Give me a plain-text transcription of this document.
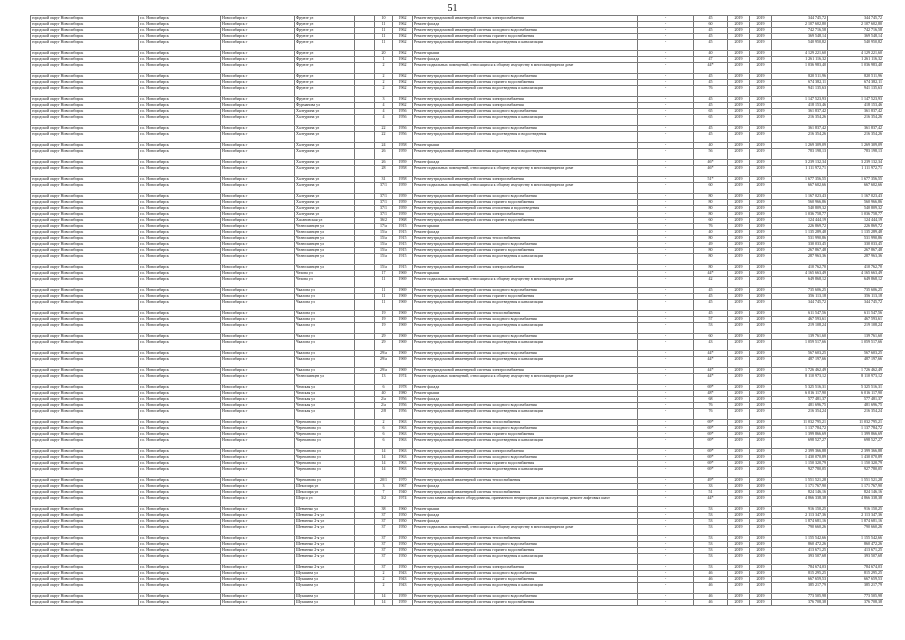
51
городской округ Новосибирск	г.о. Новосибирск	Новосибирск г	Фрунзе ул		10	1962	Ремонт внутридомовой инженерной системы электроснабжения	-	45	2019	2019	344 745,72	344 745,72
городской округ Новосибирск	г.о. Новосибирск	Новосибирск г	Фрунзе ул		11	1962	Ремонт фасада	-	60	2019	2019	2 107 602,80	2 107 602,80
городской округ Новосибирск	г.о. Новосибирск	Новосибирск г	Фрунзе ул		11	1962	Ремонт внутридомовой инженерной системы холодного водоснабжения	-	45	2019	2019	742 716,58	742 716,58
городской округ Новосибирск	г.о. Новосибирск	Новосибирск г	Фрунзе ул		11	1962	Ремонт внутридомовой инженерной системы горячего водоснабжения	-	45	2019	2019	369 548,14	369 548,14
городской округ Новосибирск	г.о. Новосибирск	Новосибирск г	Фрунзе ул		11	1962	Ремонт внутридомовой инженерной системы водоотведения и канализации	-	45	2019	2019	540 950,82	540 950,82
городской округ Новосибирск	г.о. Новосибирск	Новосибирск г	Фрунзе ул		20	1962	Ремонт крыши	-	40	2019	2019	4 129 221,60	4 129 221,60
городской округ Новосибирск	г.о. Новосибирск	Новосибирск г	Фрунзе ул		1	1962	Ремонт фасада	-	47	2019	2019	1 261 116,32	1 261 116,32
городской округ Новосибирск	г.о. Новосибирск	Новосибирск г	Фрунзе ул		2	1962	Ремонт подвальных помещений, относящихся к общему имуществу в многоквартирном доме	-	44*	2019	2019	1 036 983,40	1 036 983,40
городской округ Новосибирск	г.о. Новосибирск	Новосибирск г	Фрунзе ул		2	1962	Ремонт внутридомовой инженерной системы холодного водоснабжения	-	45	2019	2019	820 511,96	820 511,96
городской округ Новосибирск	г.о. Новосибирск	Новосибирск г	Фрунзе ул		2	1962	Ремонт внутридомовой инженерной системы горячего водоснабжения	-	45	2019	2019	674 382,11	674 382,11
городской округ Новосибирск	г.о. Новосибирск	Новосибирск г	Фрунзе ул		2	1962	Ремонт внутридомовой инженерной системы водоотведения и канализации	-	76	2019	2019	941 135,63	941 135,63
городской округ Новосибирск	г.о. Новосибирск	Новосибирск г	Фрунзе ул		3	1962	Ремонт внутридомовой инженерной системы электроснабжения	-	45	2019	2019	1 147 523,93	1 147 523,93
городской округ Новосибирск	г.о. Новосибирск	Новосибирск г	Фурманова ул		4	1962	Ремонт внутридомовой инженерной системы электроснабжения	-	45	2019	2019	418 153,46	418 153,46
городской округ Новосибирск	г.о. Новосибирск	Новосибирск г	Халтурина ул		4	1956	Ремонт внутридомовой инженерной системы холодного водоснабжения	-	65	2019	2019	361 837,42	361 837,42
городской округ Новосибирск	г.о. Новосибирск	Новосибирск г	Халтурина ул		4	1956	Ремонт внутридомовой инженерной системы водоотведения и канализации	-	65	2019	2019	216 354,26	216 354,26
городской округ Новосибирск	г.о. Новосибирск	Новосибирск г	Халтурина ул		22	1956	Ремонт внутридомовой инженерной системы холодного водоснабжения	-	45	2019	2019	361 837,42	361 837,42
городской округ Новосибирск	г.о. Новосибирск	Новосибирск г	Халтурина ул		22	1956	Ремонт внутридомовой инженерной системы водоотведения и водоотведения	-	45	2019	2019	216 354,26	216 354,26
городской округ Новосибирск	г.о. Новосибирск	Новосибирск г	Халтурина ул		24	1958	Ремонт крыши	-	40	2019	2019	1 269 309,09	1 269 309,09
городской округ Новосибирск	г.о. Новосибирск	Новосибирск г	Халтурина ул		26	1959	Ремонт внутридомовой инженерной системы водоотведения и водоотведения	-	56	2019	2019	783 198,13	783 198,13
городской округ Новосибирск	г.о. Новосибирск	Новосибирск г	Халтурина ул		26	1959	Ремонт фасада	-	46*	2019	2019	3 239 132,34	3 239 132,34
городской округ Новосибирск	г.о. Новосибирск	Новосибирск г	Халтурина ул		28	1958	Ремонт подвальных помещений, относящихся к общему имуществу в многоквартирном доме	-	46*	2019	2019	1 111 972,71	1 111 972,71
городской округ Новосибирск	г.о. Новосибирск	Новосибирск г	Халтурина ул		31	1958	Ремонт внутридомовой инженерной системы электроснабжения	-	51*	2019	2019	1 677 356,55	1 677 356,55
городской округ Новосибирск	г.о. Новосибирск	Новосибирск г	Халтурина ул		37/1	1959	Ремонт подвальных помещений, относящихся к общему имуществу в многоквартирном доме	-	60	2019	2019	667 602,66	667 602,66
городской округ Новосибирск	г.о. Новосибирск	Новосибирск г	Халтурина ул		37/1	1959	Ремонт внутридомовой инженерной системы холодного водоснабжения	-	80	2019	2019	1 167 023,43	1 167 023,43
городской округ Новосибирск	г.о. Новосибирск	Новосибирск г	Халтурина ул		37/1	1959	Ремонт внутридомовой инженерной системы горячего водоснабжения	-	80	2019	2019	560 966,86	560 966,86
городской округ Новосибирск	г.о. Новосибирск	Новосибирск г	Халтурина ул		37/1	1959	Ремонт внутридомовой инженерной системы отопления и водоотведения	-	80	2019	2019	540 809,32	540 809,32
городской округ Новосибирск	г.о. Новосибирск	Новосибирск г	Халтурина ул		37/1	1959	Ремонт внутридомовой инженерной системы электроснабжения	-	80	2019	2019	1 036 758,77	1 036 758,77
городской округ Новосибирск	г.о. Новосибирск	Новосибирск г	Хасановская ул		36/2	1968	Ремонт внутридомовой инженерной системы горячего водоснабжения	-	60	2019	2019	124 444,19	124 444,19
городской округ Новосибирск	г.о. Новосибирск	Новосибирск г	Челюскинцев ул		17/а	1915	Ремонт крыши	-	76	2019	2019	226 869,72	226 869,72
городской округ Новосибирск	г.о. Новосибирск	Новосибирск г	Челюскинцев ул		15/а	1915	Ремонт фасада	-	40	2019	2019	1 135 289,48	1 135 289,48
городской округ Новосибирск	г.о. Новосибирск	Новосибирск г	Челюскинцев ул		15/а	1915	Ремонт внутридомовой инженерной системы теплоснабжения	-	80	2019	2019	531 990,86	531 990,86
городской округ Новосибирск	г.о. Новосибирск	Новосибирск г	Челюскинцев ул		15/а	1915	Ремонт внутридомовой инженерной системы холодного водоснабжения	-	49	2019	2019	330 033,45	330 033,45
городской округ Новосибирск	г.о. Новосибирск	Новосибирск г	Челюскинцев ул		15/а	1915	Ремонт внутридомовой инженерной системы горячего водоснабжения	-	80	2019	2019	267 867,48	267 867,48
городской округ Новосибирск	г.о. Новосибирск	Новосибирск г	Челюскинцев ул		15/а	1915	Ремонт внутридомовой инженерной системы водоотведения и канализации	-	80	2019	2019	287 963,36	287 963,36
городской округ Новосибирск	г.о. Новосибирск	Новосибирск г	Челюскинцев ул		15/а	1915	Ремонт внутридомовой инженерной системы электроснабжения	-	80	2019	2019	410 762,70	410 762,70
городской округ Новосибирск	г.о. Новосибирск	Новосибирск г	Чехова ул		17	1969	Ремонт крыши	-	44*	2019	2019	4 165 663,49	4 165 663,49
городской округ Новосибирск	г.о. Новосибирск	Новосибирск г	Чехова ул		11	1969	Ремонт подвальных помещений, относящихся к общему имуществу в многоквартирном доме	-	42	2019	2019	649 868,12	649 868,12
городской округ Новосибирск	г.о. Новосибирск	Новосибирск г	Чкалова ул		11	1969	Ремонт внутридомовой инженерной системы холодного водоснабжения	-	45	2019	2019	735 606,25	735 606,25
городской округ Новосибирск	г.о. Новосибирск	Новосибирск г	Чкалова ул		11	1969	Ремонт внутридомовой инженерной системы горячего водоснабжения	-	45	2019	2019	356 113,18	356 113,18
городской округ Новосибирск	г.о. Новосибирск	Новосибирск г	Чкалова ул		11	1969	Ремонт внутридомовой инженерной системы водоотведения и канализации	-	45	2019	2019	344 745,72	344 745,72
городской округ Новосибирск	г.о. Новосибирск	Новосибирск г	Чкалова ул		19	1969	Ремонт внутридомовой инженерной системы теплоснабжения	-	45	2019	2019	611 547,56	611 547,56
городской округ Новосибирск	г.о. Новосибирск	Новосибирск г	Чкалова ул		19	1969	Ремонт внутридомовой инженерной системы холодного водоснабжения	-	57	2019	2019	467 593,61	467 593,61
городской округ Новосибирск	г.о. Новосибирск	Новосибирск г	Чкалова ул		19	1969	Ремонт внутридомовой инженерной системы водоотведения и канализации	-	53	2019	2019	219 108,24	219 108,24
городской округ Новосибирск	г.о. Новосибирск	Новосибирск г	Чкалова ул		29	1969	Ремонт внутридомовой инженерной системы холодного водоснабжения	-	60	2019	2019	139 761,60	139 761,60
городской округ Новосибирск	г.о. Новосибирск	Новосибирск г	Чкалова ул		29	1969	Ремонт внутридомовой инженерной системы водоотведения и канализации	-	43	2019	2019	1 059 517,66	1 059 517,66
городской округ Новосибирск	г.о. Новосибирск	Новосибирск г	Чкалова ул		29/а	1969	Ремонт внутридомовой инженерной системы холодного водоснабжения	-	44*	2019	2019	567 603,25	567 603,25
городской округ Новосибирск	г.о. Новосибирск	Новосибирск г	Чкалова ул		29/а	1969	Ремонт внутридомовой инженерной системы водоотведения и канализации	-	44*	2019	2019	487 197,66	487 197,66
городской округ Новосибирск	г.о. Новосибирск	Новосибирск г	Чкалова ул		29/а	1969	Ремонт внутридомовой инженерной системы электроснабжения	-	44*	2019	2019	1 726 462,49	1 726 462,49
городской округ Новосибирск	г.о. Новосибирск	Новосибирск г	Челюскинцев ул		13	1974	Ремонт подвальных помещений, относящихся к общему имуществу в многоквартирном доме	-	44*	2019	2019	8 110 973,12	8 110 973,12
городской округ Новосибирск	г.о. Новосибирск	Новосибирск г	Чемская ул		6	1978	Ремонт фасада	-	69*	2019	2019	5 325 516,31	5 325 516,31
городской округ Новосибирск	г.о. Новосибирск	Новосибирск г	Чемская ул		40	1980	Ремонт крыши	-	48*	2019	2019	6 016 117,90	6 016 117,90
городской округ Новосибирск	г.о. Новосибирск	Новосибирск г	Чемская ул		2/а	1956	Ремонт фасада	-	68	2019	2019	577 481,37	577 481,37
городской округ Новосибирск	г.о. Новосибирск	Новосибирск г	Чемская ул		2/а	1956	Ремонт внутридомовой инженерной системы холодного водоснабжения	-	76	2019	2019	481 696,75	481 696,75
городской округ Новосибирск	г.о. Новосибирск	Новосибирск г	Чемская ул		2/8	1956	Ремонт внутридомовой инженерной системы водоотведения и канализации	-	76	2019	2019	216 354,24	216 354,24
городской округ Новосибирск	г.о. Новосибирск	Новосибирск г	Черепанова ул		2	1963	Ремонт внутридомовой инженерной системы теплоснабжения	-	69*	2019	2019	11 032 795,21	11 032 795,21
городской округ Новосибирск	г.о. Новосибирск	Новосибирск г	Черепанова ул		6	1963	Ремонт внутридомовой инженерной системы холодного водоснабжения	-	69*	2019	2019	1 137 784,72	1 137 784,72
городской округ Новосибирск	г.о. Новосибирск	Новосибирск г	Черепанова ул		6	1963	Ремонт внутридомовой инженерной системы горячего водоснабжения	-	69*	2019	2019	1 399 866,69	1 399 866,69
городской округ Новосибирск	г.о. Новосибирск	Новосибирск г	Черепанова ул		6	1963	Ремонт внутридомовой инженерной системы водоотведения и канализации	-	69*	2019	2019	698 527,27	698 527,27
городской округ Новосибирск	г.о. Новосибирск	Новосибирск г	Черепанова ул		14	1963	Ремонт внутридомовой инженерной системы электроснабжения	-	69*	2019	2019	2 399 366,88	2 399 366,88
городской округ Новосибирск	г.о. Новосибирск	Новосибирск г	Черепанова ул		14	1963	Ремонт внутридомовой инженерной системы холодного водоснабжения	-	69*	2019	2019	1 430 070,89	1 430 070,89
городской округ Новосибирск	г.о. Новосибирск	Новосибирск г	Черепанова ул		14	1963	Ремонт внутридомовой инженерной системы горячего водоснабжения	-	69*	2019	2019	1 150 320,79	1 150 320,79
городской округ Новосибирск	г.о. Новосибирск	Новосибирск г	Черепанова ул		14	1963	Ремонт внутридомовой инженерной системы водоотведения и канализации	-	69*	2019	2019	927 780,05	927 780,05
городской округ Новосибирск	г.о. Новосибирск	Новосибирск г	Черепанова ул		20/1	1970	Ремонт внутридомовой инженерной системы теплоснабжения	-	49*	2019	2019	1 551 521,28	1 551 521,28
городской округ Новосибирск	г.о. Новосибирск	Новосибирск г	Шекспира ул		3	1967	Ремонт фасада	-	33	2019	2019	1 171 767,90	1 171 767,90
городской округ Новосибирск	г.о. Новосибирск	Новосибирск г	Шекспира ул		7	1940	Ремонт внутридомовой инженерной системы теплоснабжения	-	51	2019	2019	824 146,16	824 146,16
городской округ Новосибирск	г.о. Новосибирск	Новосибирск г	Шорса ул		3/2	1974	Ремонт или замена лифтового оборудования, признанного непригодным для эксплуатации, ремонт лифтовых шахт	-	44*	2019	2019	4 866 338,38	4 866 338,38
городской округ Новосибирск	г.о. Новосибирск	Новосибирск г	Шевченко ул		38	1960	Ремонт крыши	-	53	2019	2019	916 150,25	916 150,25
городской округ Новосибирск	г.о. Новосибирск	Новосибирск г	Шевченко 2-я ул		37	1950	Ремонт фасада	-	53	2019	2019	2 113 347,36	2 113 347,36
городской округ Новосибирск	г.о. Новосибирск	Новосибирск г	Шевченко 2-я ул		37	1950	Ремонт фасада	-	53	2019	2019	1 874 681,16	1 874 681,16
городской округ Новосибирск	г.о. Новосибирск	Новосибирск г	Шевченко 2-я ул		37	1950	Ремонт подвальных помещений, относящихся к общему имуществу в многоквартирном доме	-	53	2019	2019	790 660,26	790 660,26
городской округ Новосибирск	г.о. Новосибирск	Новосибирск г	Шевченко 2-я ул		37	1950	Ремонт внутридомовой инженерной системы теплоснабжения	-	53	2019	2019	1 155 542,66	1 155 542,66
городской округ Новосибирск	г.о. Новосибирск	Новосибирск г	Шевченко 2-я ул		37	1950	Ремонт внутридомовой инженерной системы холодного водоснабжения	-	53	2019	2019	860 472,26	860 472,26
городской округ Новосибирск	г.о. Новосибирск	Новосибирск г	Шевченко 2-я ул		37	1950	Ремонт внутридомовой инженерной системы горячего водоснабжения	-	53	2019	2019	413 671,25	413 671,25
городской округ Новосибирск	г.о. Новосибирск	Новосибирск г	Шевченко 2-я ул		37	1950	Ремонт внутридомовой инженерной системы водоотведения и канализации	-	53	2019	2019	393 507,68	393 507,68
городской округ Новосибирск	г.о. Новосибирск	Новосибирск г	Шевченко 2-я ул		37	1950	Ремонт внутридомовой инженерной системы электроснабжения	-	53	2019	2019	784 674,03	784 674,03
городской округ Новосибирск	г.о. Новосибирск	Новосибирск г	Шукшина ул		2	1943	Ремонт внутридомовой инженерной системы холодного водоснабжения	-	46	2019	2019	815 295,25	815 295,25
городской округ Новосибирск	г.о. Новосибирск	Новосибирск г	Шукшина ул		2	1943	Ремонт внутридомовой инженерной системы горячего водоснабжения	-	46	2019	2019	667 659,53	667 659,53
городской округ Новосибирск	г.о. Новосибирск	Новосибирск г	Шукшина ул		2	1943	Ремонт внутридомовой инженерной системы водоотведения и канализации	-	46	2019	2019	385 217,79	385 217,79
городской округ Новосибирск	г.о. Новосибирск	Новосибирск г	Шукшина ул		14	1959	Ремонт внутридомовой инженерной системы холодного водоснабжения	-	46	2019	2019	773 505,98	773 505,98
городской округ Новосибирск	г.о. Новосибирск	Новосибирск г	Шукшина ул		14	1959	Ремонт внутридомовой инженерной системы горячего водоснабжения	-	46	2019	2019	376 708,38	376 708,38
